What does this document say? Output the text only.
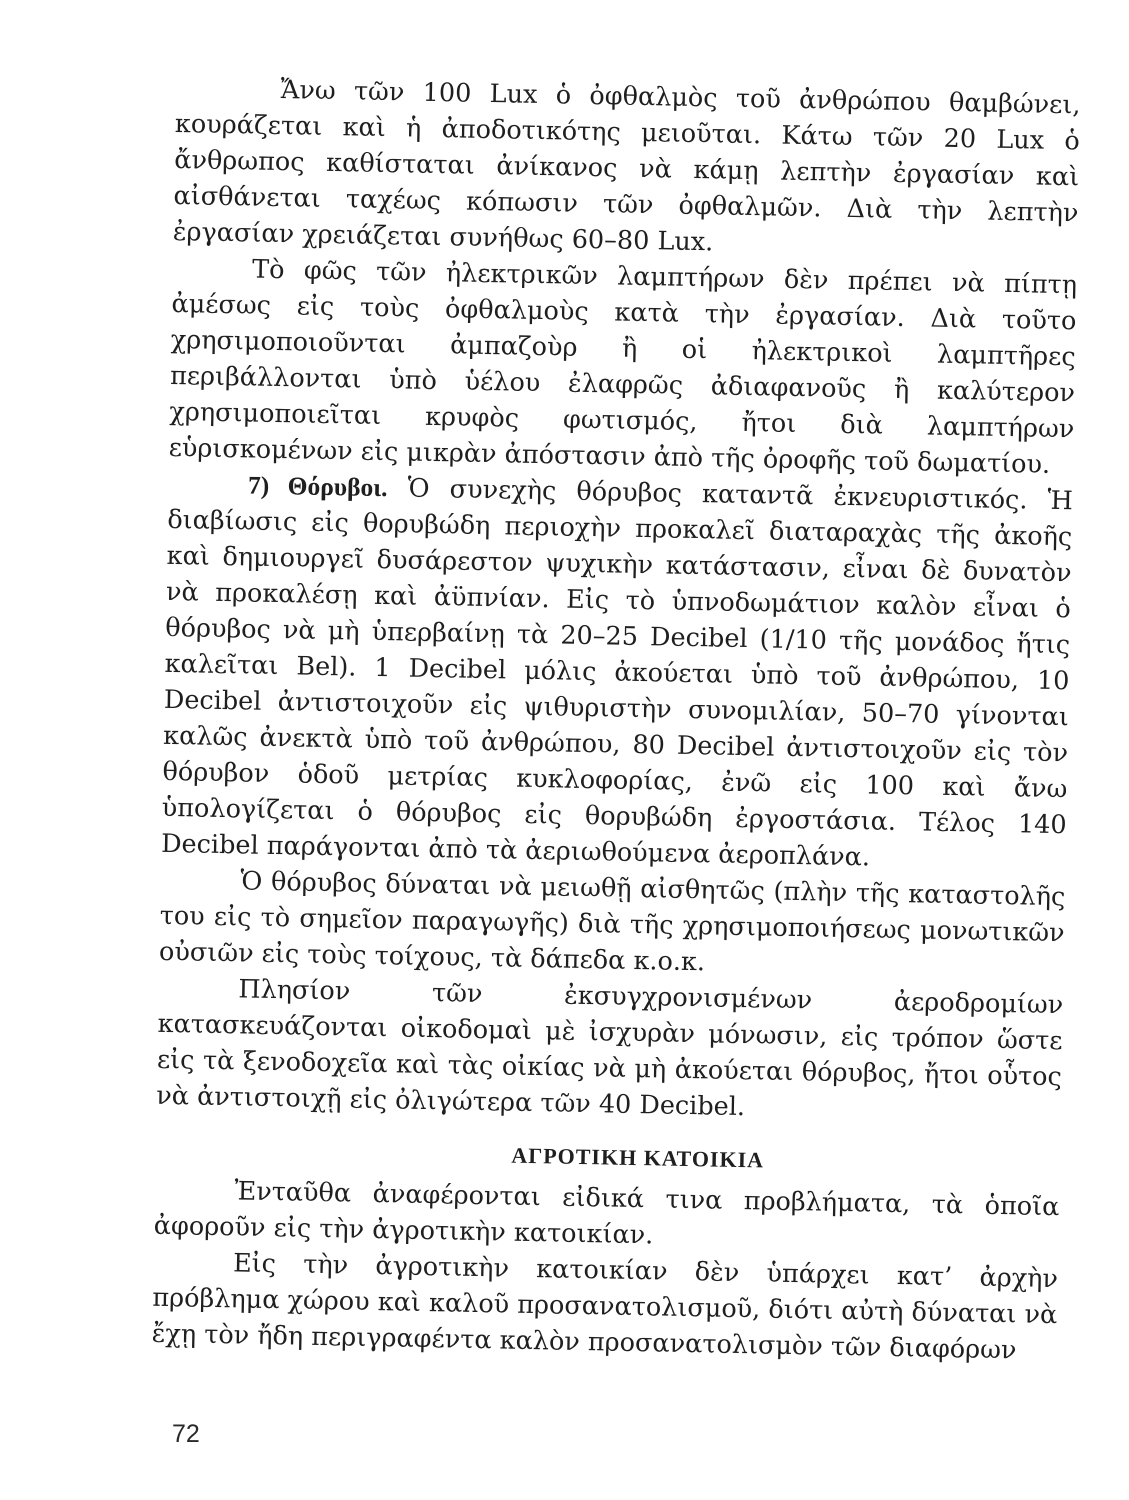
Ἄνω τῶν 100 Lux ὁ ὀφθαλμὸς τοῦ ἀνθρώπου θαμβώνει, κουράζεται καὶ ἡ ἀποδοτικότης μειοῦται. Κάτω τῶν 20 Lux ὁ ἄνθρωπος καθίσταται ἀνίκανος νὰ κάμῃ λεπτὴν ἐργασίαν καὶ αἰσθάνεται ταχέως κόπωσιν τῶν ὀφθαλμῶν. Διὰ τὴν λεπτὴν ἐργασίαν χρειάζεται συνήθως 60–80 Lux.

Τὸ φῶς τῶν ἠλεκτρικῶν λαμπτήρων δὲν πρέπει νὰ πίπτῃ ἀμέσως εἰς τοὺς ὀφθαλμοὺς κατὰ τὴν ἐργασίαν. Διὰ τοῦτο χρησιμοποιοῦνται ἀμπαζοὺρ ἢ οἱ ἠλεκτρικοὶ λαμπτῆρες περιβάλλονται ὑπὸ ὑέλου ἐλαφρῶς ἀδιαφανοῦς ἢ καλύτερον χρησιμοποιεῖται κρυφὸς φωτισμός, ἤτοι διὰ λαμπτήρων εὑρισκομένων εἰς μικρὰν ἀπόστασιν ἀπὸ τῆς ὀροφῆς τοῦ δωματίου.

7) Θόρυβοι. Ὁ συνεχὴς θόρυβος καταντᾶ ἐκνευριστικός. Ἡ διαβίωσις εἰς θορυβώδη περιοχὴν προκαλεῖ διαταραχὰς τῆς ἀκοῆς καὶ δημιουργεῖ δυσάρεστον ψυχικὴν κατάστασιν, εἶναι δὲ δυνατὸν νὰ προκαλέσῃ καὶ ἀϋπνίαν. Εἰς τὸ ὑπνοδωμάτιον καλὸν εἶναι ὁ θόρυβος νὰ μὴ ὑπερβαίνῃ τὰ 20–25 Decibel (1/10 τῆς μονάδος ἥτις καλεῖται Bel). 1 Decibel μόλις ἀκούεται ὑπὸ τοῦ ἀνθρώπου, 10 Decibel ἀντιστοιχοῦν εἰς ψιθυριστὴν συνομιλίαν, 50–70 γίνονται καλῶς ἀνεκτὰ ὑπὸ τοῦ ἀνθρώπου, 80 Decibel ἀντιστοιχοῦν εἰς τὸν θόρυβον ὁδοῦ μετρίας κυκλοφορίας, ἐνῶ εἰς 100 καὶ ἄνω ὑπολογίζεται ὁ θόρυβος εἰς θορυβώδη ἐργοστάσια. Τέλος 140 Decibel παράγονται ἀπὸ τὰ ἀεριωθούμενα ἀεροπλάνα.

Ὁ θόρυβος δύναται νὰ μειωθῇ αἰσθητῶς (πλὴν τῆς καταστολῆς του εἰς τὸ σημεῖον παραγωγῆς) διὰ τῆς χρησιμοποιήσεως μονωτικῶν οὐσιῶν εἰς τοὺς τοίχους, τὰ δάπεδα κ.ο.κ.

Πλησίον τῶν ἐκσυγχρονισμένων ἀεροδρομίων κατασκευάζονται οἰκοδομαὶ μὲ ἰσχυρὰν μόνωσιν, εἰς τρόπον ὥστε εἰς τὰ ξενοδοχεῖα καὶ τὰς οἰκίας νὰ μὴ ἀκούεται θόρυβος, ἤτοι οὗτος νὰ ἀντιστοιχῇ εἰς ὀλιγώτερα τῶν 40 Decibel.

ΑΓΡΟΤΙΚΗ ΚΑΤΟΙΚΙΑ

Ἐνταῦθα ἀναφέρονται εἰδικά τινα προβλήματα, τὰ ὁποῖα ἀφοροῦν εἰς τὴν ἀγροτικὴν κατοικίαν.

Εἰς τὴν ἀγροτικὴν κατοικίαν δὲν ὑπάρχει κατ’ ἀρχὴν πρόβλημα χώρου καὶ καλοῦ προσανατολισμοῦ, διότι αὐτὴ δύναται νὰ ἔχῃ τὸν ἤδη περιγραφέντα καλὸν προσανατολισμὸν τῶν διαφόρων

72
